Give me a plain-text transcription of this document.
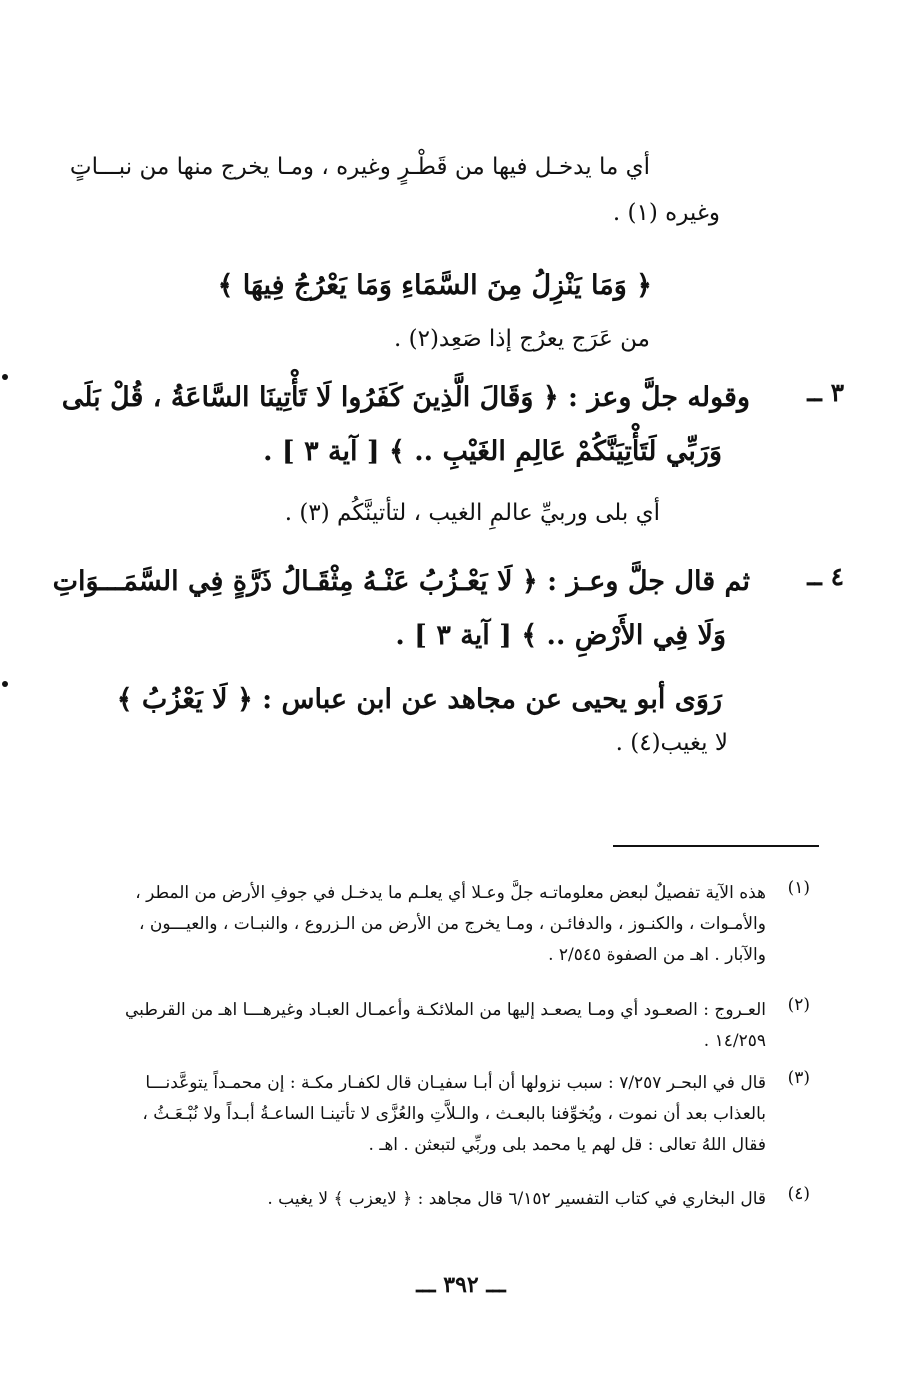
أي ما يدخـل فيها من قَطْـرٍ وغيره ، ومـا يخرج منها من نبـــاتٍ
وغيره (١) .
﴿ وَمَا يَنْزِلُ مِنَ السَّمَاءِ وَمَا يَعْرُجُ فِيهَا ﴾
من عَرَج يعرُج إذا صَعِد(٢) .
٣ ــ
وقوله جلَّ وعز : ﴿ وَقَالَ الَّذِينَ كَفَرُوا لَا تَأْتِينَا السَّاعَةُ ، قُلْ بَلَى
وَرَبِّي لَتَأْتِيَنَّكُمْ عَالِمِ الغَيْبِ .. ﴾ [ آية ٣ ] .
أي بلى وربيِّ عالمِ الغيب ، لتأتينَّكُم (٣) .
٤ ــ
ثم قال جلَّ وعـز : ﴿ لَا يَعْـزُبُ عَنْـهُ مِثْقَـالُ ذَرَّةٍ فِي السَّمَـــوَاتِ
وَلَا فِي الأَرْضِ .. ﴾ [ آية ٣ ] .
رَوَى أبو يحيى عن مجاهد عن ابن عباس : ﴿ لَا يَعْزُبُ ﴾
لا يغيب(٤) .
(١)
هذه الآية تفصيلٌ لبعض معلوماتـه جلَّ وعـلا أي يعلـم ما يدخـل في جوفِ الأرض من المطر ،
والأمـوات ، والكنـوز ، والدفائـن ، ومـا يخرج من الأرض من الـزروع ، والنبـات ، والعيـــون ،
والآبار . اهـ من الصفوة ٢/٥٤٥ .
(٢)
العـروج : الصعـود أي ومـا يصعـد إليها من الملائكـة وأعمـال العبـاد وغيرهـــا اهـ من القرطبي
١٤/٢٥٩ .
(٣)
قال في البحـر ٧/٢٥٧ : سبب نزولها أن أبـا سفيـان قال لكفـار مكـة : إن محمـداً يتوعَّدنـــا
بالعذاب بعد أن نموت ، ويُخوِّفنا بالبعـث ، والـلاَّتِ والعُزَّى لا تأتينـا الساعـةُ أبـداً ولا نُبْـعَـثُ ،
فقال اللهُ تعالى : قل لهم يا محمد بلى وربِّي لتبعثن . اهـ .
(٤)
قال البخاري في كتاب التفسير ٦/١٥٢ قال مجاهد : ﴿ لايعزب ﴾ لا يغيب .
ـــ ٣٩٢ ـــ
